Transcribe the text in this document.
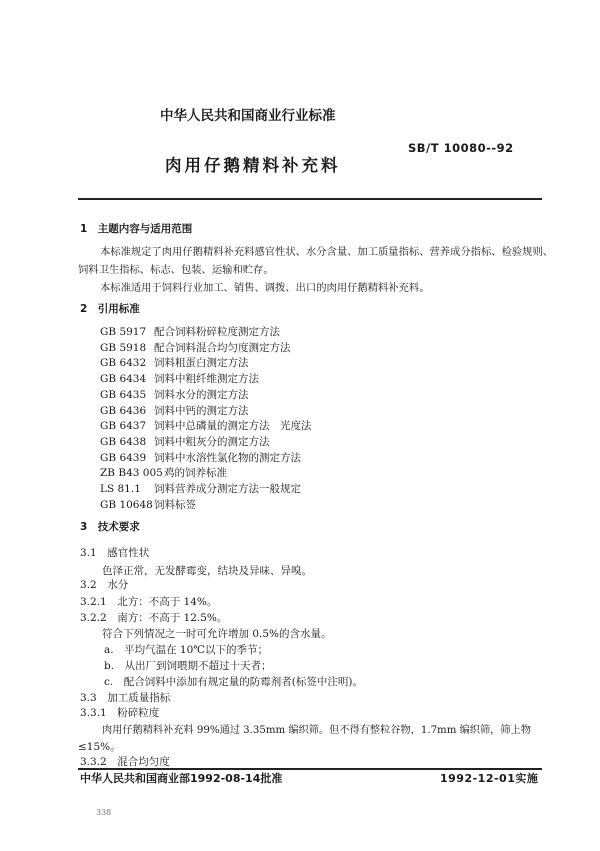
中华人民共和国商业行业标准
SB/T 10080--92
肉用仔鹅精料补充料
1　主题内容与适用范围
本标准规定了肉用仔鹅精料补充料感官性状、水分含量、加工质量指标、营养成分指标、检验规则、
饲料卫生指标、标志、包装、运输和贮存。
本标准适用于饲料行业加工、销售、调拨、出口的肉用仔鹅精料补充料。
2　引用标准
GB 5917 配合饲料粉碎粒度测定方法
GB 5918 配合饲料混合均匀度测定方法
GB 6432 饲料粗蛋白测定方法
GB 6434 饲料中粗纤维测定方法
GB 6435 饲料水分的测定方法
GB 6436 饲料中钙的测定方法
GB 6437 饲料中总磷量的测定方法　光度法
GB 6438 饲料中粗灰分的测定方法
GB 6439 饲料中水溶性氯化物的测定方法
ZB B43 005鸡的饲养标准
LS 81.1 饲料营养成分测定方法一般规定
GB 10648饲料标签
3　技术要求
3.1　感官性状
色泽正常，无发酵霉变，结块及异味、异嗅。
3.2　水分
3.2.1　北方：不高于 14%。
3.2.2　南方：不高于 12.5%。
符合下列情况之一时可允许增加 0.5%的含水量。
a.　平均气温在 10℃以下的季节；
b.　从出厂到饲喂期不超过十天者；
c.　配合饲料中添加有规定量的防霉剂者(标签中注明)。
3.3　加工质量指标
3.3.1　粉碎粒度
肉用仔鹅精料补充料 99%通过 3.35mm 编织筛。但不得有整粒谷物，1.7mm 编织筛，筛上物
≤15%。
3.3.2　混合均匀度
中华人民共和国商业部1992-08-14批准	1992-12-01实施
338
